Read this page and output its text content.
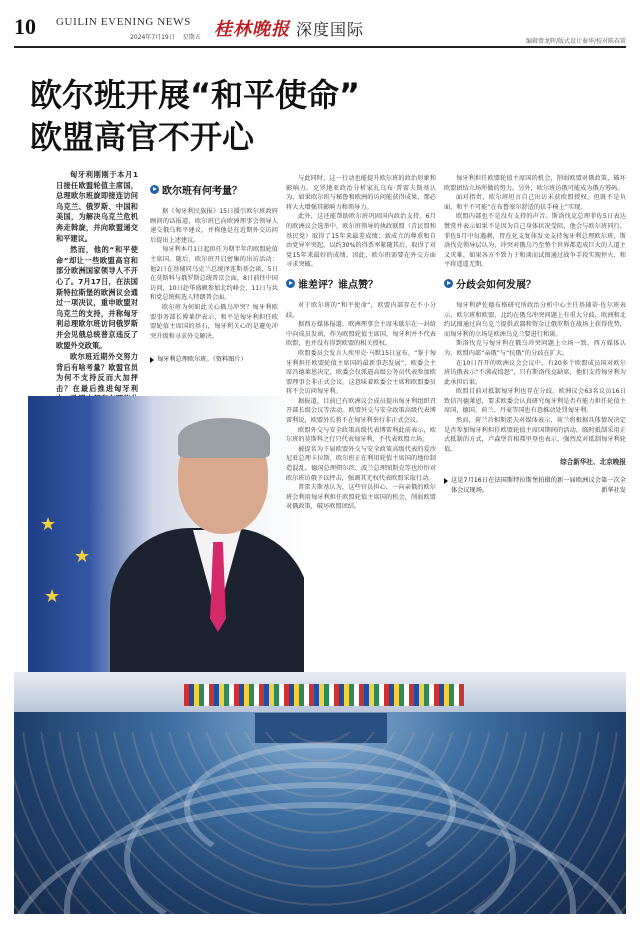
10 GUILIN EVENING NEWS
2024年7月19日 星期五 桂林晚报 深度国际
编辑曾龙晖/版式设计秦华/校对陈春雷
欧尔班开展“和平使命”
欧盟高官不开心

匈牙利刚刚于本月1日接任欧盟轮值主席国，总理欧尔班旋即接连访问乌克兰、俄罗斯、中国和美国，为解决乌克兰危机奔走斡旋，并向欧盟递交和平建议。

然而，他的“和平使命”却让一些欧盟高官和部分欧洲国家领导人不开心了。7月17日，在法国斯特拉斯堡的欧洲议会通过一项决议，重申欧盟对乌克兰的支持，并称匈牙利总理欧尔班访问俄罗斯并会见俄总统普京违反了欧盟外交政策。

欧尔班近期外交努力背后有啥考量？欧盟官员为何不支持反而大加抨击？在最后推进匈牙利

欧尔班有何考量？

据《匈牙利民族报》15日援引欧尔班政府顾问的话报道，欧尔班已向欧洲理事会领导人递交俄乌和平建议，并称他是在近期外交访问后提出上述建议。

匈牙利本月1日起担任为期半年的欧盟轮值主席国。随后，欧尔班开启密集的出访活动：他2日在基辅同乌克兰总统泽连斯基会谈，5日在莫斯科与俄罗斯总统普京会面，8日前往中国访问，10日赴华盛顿参加北约峰会，11日与共和党总统候选人特朗普会面。

欧尔班为何如此关心俄乌冲突？匈牙利欧盟事务部长博莱伊表示，和平是匈牙利担任欧盟轮值主席国的基石，匈牙利关心的是避免冲突升级和寻求外交解决。

匈牙利总理欧尔班。（资料图片）
★
★
★

与此同时，这一行动也能提升欧尔班的政治形象和影响力。克罗地亚政治分析家扎乌布·普雷夫斯基认为，如果欧尔班与秘鲁和欧洲的访问能获得成果，那必将大大增强其影响力和领导力。

此外，这还能帮助欧尔班巩固国内政治支持。6月的欧洲议会选举中，欧尔班领导的执政联盟（青民盟和基民党）取得了15年来最差成绩；新成立的尊重和自由党异军突起，以约30%的得票率紧随其后，取得了对党15年来最好的成绩。因此，欧尔班需要在外交方面寻求突破。

谁差评？谁点赞？

对于欧尔班的“和平使命”，欧盟内部存在不小分歧。

据西方媒体报道，欧洲理事会主席米歇尔在一封给中向成员发函，作为欧盟轮值主席国，匈牙利并不代表欧盟，也并没有得到欧盟的相关授权。

欧盟委员会发言人埃里克·马默15日宣布，“鉴于匈牙利担任欧盟轮值主席国的最新事态发展”，欧委会主席冯德莱恩决定，欧委会仅派遣高级公务员代表参加欧盟理事会非正式会议。这意味着欧委会主席和欧盟委员将不会访问匈牙利。

据报道，目前已有欧洲议会成员提出匈牙利组织召开部长级会议等活动。欧盟外交与安全政策高级代表博雷利说，欧盟外长将不在匈牙利举行非正式会议。

欧盟外交与安全政策高级代表博雷利此前表示，欧尔班的莫斯科之行只代表匈牙利，不代表欧盟立场。

被提名为下届欧盟外交与安全政策高级代表的爱沙尼亚总理卡拉斯，欧尔班正在利用轮值主席国的地位制造混乱。德国总理朔尔茨、波兰总理图斯克等也纷纷对欧尔班访俄予以抨击，强调其无权代表欧盟采取行动。

普雷夫斯基认为，这些官员担心，一向亲俄的欧尔班会利用匈牙利担任欧盟轮值主席国的机会，削弱欧盟对俄政策，破坏欧盟团结。

匈牙利担任欧盟轮值主席国的机会，削弱欧盟对俄政策，破坏欧盟团结立场所做的努力。另外，欧尔班访俄可能成为俄方筹码。

面对指责，欧尔班坦言自己出访未获欧盟授权，但既不是负面，和平不可能“在布鲁塞尔舒适的扶手椅上”实现。

欧盟内部也不是没有支持的声音。斯洛伐克总理菲佐5日表达赞赏并表示如果不是因为自己身体状况受阻，他会与欧尔班同行。菲佐5月中旬遇刺，胃在化支复体发文支持匈牙利总理欧尔班，斯洛伐克领导层认为，冲突对俄乌乃至整个世界都造成巨大的人道主义灾难，如果各方不致力于和谈而试图通过战争手段实现停火，和平将遥遥无期。

分歧会如何发展？

匈牙利萨佐德布格研究所政治分析中心主任基辅蒂·佐尔班表示，欧尔班和欧盟，北约在俄乌冲突问题上有重大分歧，欧洲和北约试图通过向乌克兰提供武器和资金让俄罗斯在战场上获得优势，而匈牙利的立场是欧洲乌克兰要进行和谈。

斯洛伐克与匈牙利在俄乌冲突问题上立场一致。西方媒体认为，欧盟内部“亲俄”与“抗俄”的分歧在扩大。

在10日召开的欧洲议会会议中，有20多个欧盟成员国对欧尔班访俄表示“不满或愤怒”，只有斯洛伐克缺席，他们支持匈牙利为此承担后果。

欧盟目前对抵制匈牙利也存在分歧。欧洲议会63名议员16日致信冯德莱恩，要求欧委会认真研究匈牙利是否有能力担任轮值主席国，德国、荷兰、丹麦等国也有意推动处罚匈牙利。

然而，荷兰首相斯霍夫对媒体表示，荷兰将根据具体情况决定是否参加匈牙利担任欧盟轮值主席国期间的活动，临时抵制采用正式抵制的方式，卢森堡首相弗里登也表示，强烈反对抵制匈牙利轮值。

综合新华社、北京晚报
这是7月16日在法国斯特拉斯堡拍摄的新一届欧洲议会第一次全体会议现场。	新华社发
